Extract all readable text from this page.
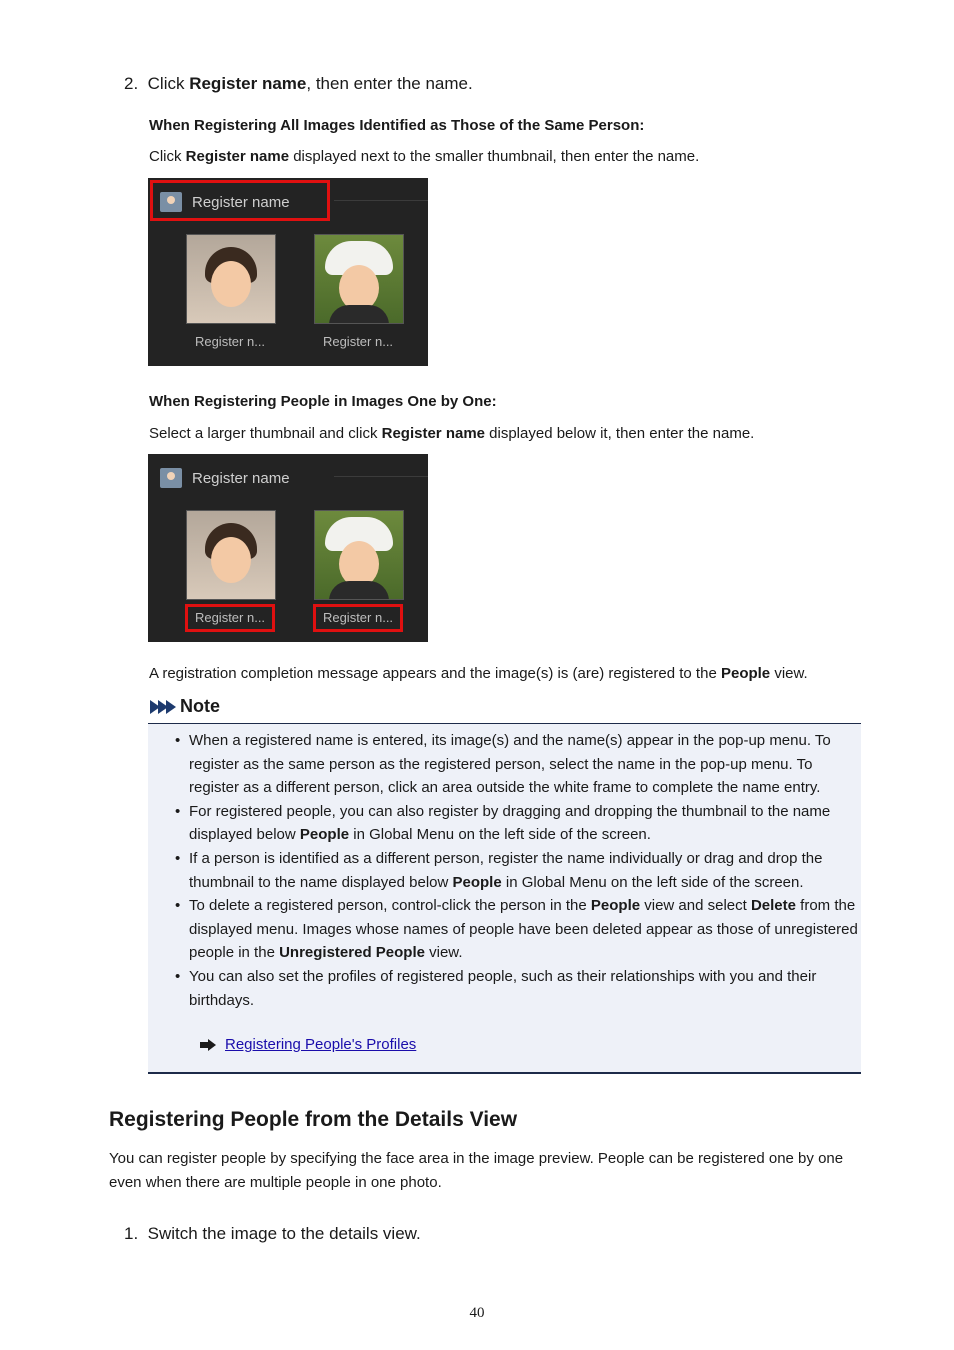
2. Click Register name, then enter the name.
When Registering All Images Identified as Those of the Same Person:
Click Register name displayed next to the smaller thumbnail, then enter the name.
Register name
Register n...	Register n...
When Registering People in Images One by One:
Select a larger thumbnail and click Register name displayed below it, then enter the name.
Register name
Register n...	Register n...
A registration completion message appears and the image(s) is (are) registered to the People view.
Note
• When a registered name is entered, its image(s) and the name(s) appear in the pop-up menu. To register as the same person as the registered person, select the name in the pop-up menu. To register as a different person, click an area outside the white frame to complete the name entry.
• For registered people, you can also register by dragging and dropping the thumbnail to the name displayed below People in Global Menu on the left side of the screen.
• If a person is identified as a different person, register the name individually or drag and drop the thumbnail to the name displayed below People in Global Menu on the left side of the screen.
• To delete a registered person, control-click the person in the People view and select Delete from the displayed menu. Images whose names of people have been deleted appear as those of unregistered people in the Unregistered People view.
• You can also set the profiles of registered people, such as their relationships with you and their birthdays.
Registering People's Profiles
Registering People from the Details View
You can register people by specifying the face area in the image preview. People can be registered one by one even when there are multiple people in one photo.
1. Switch the image to the details view.
40
